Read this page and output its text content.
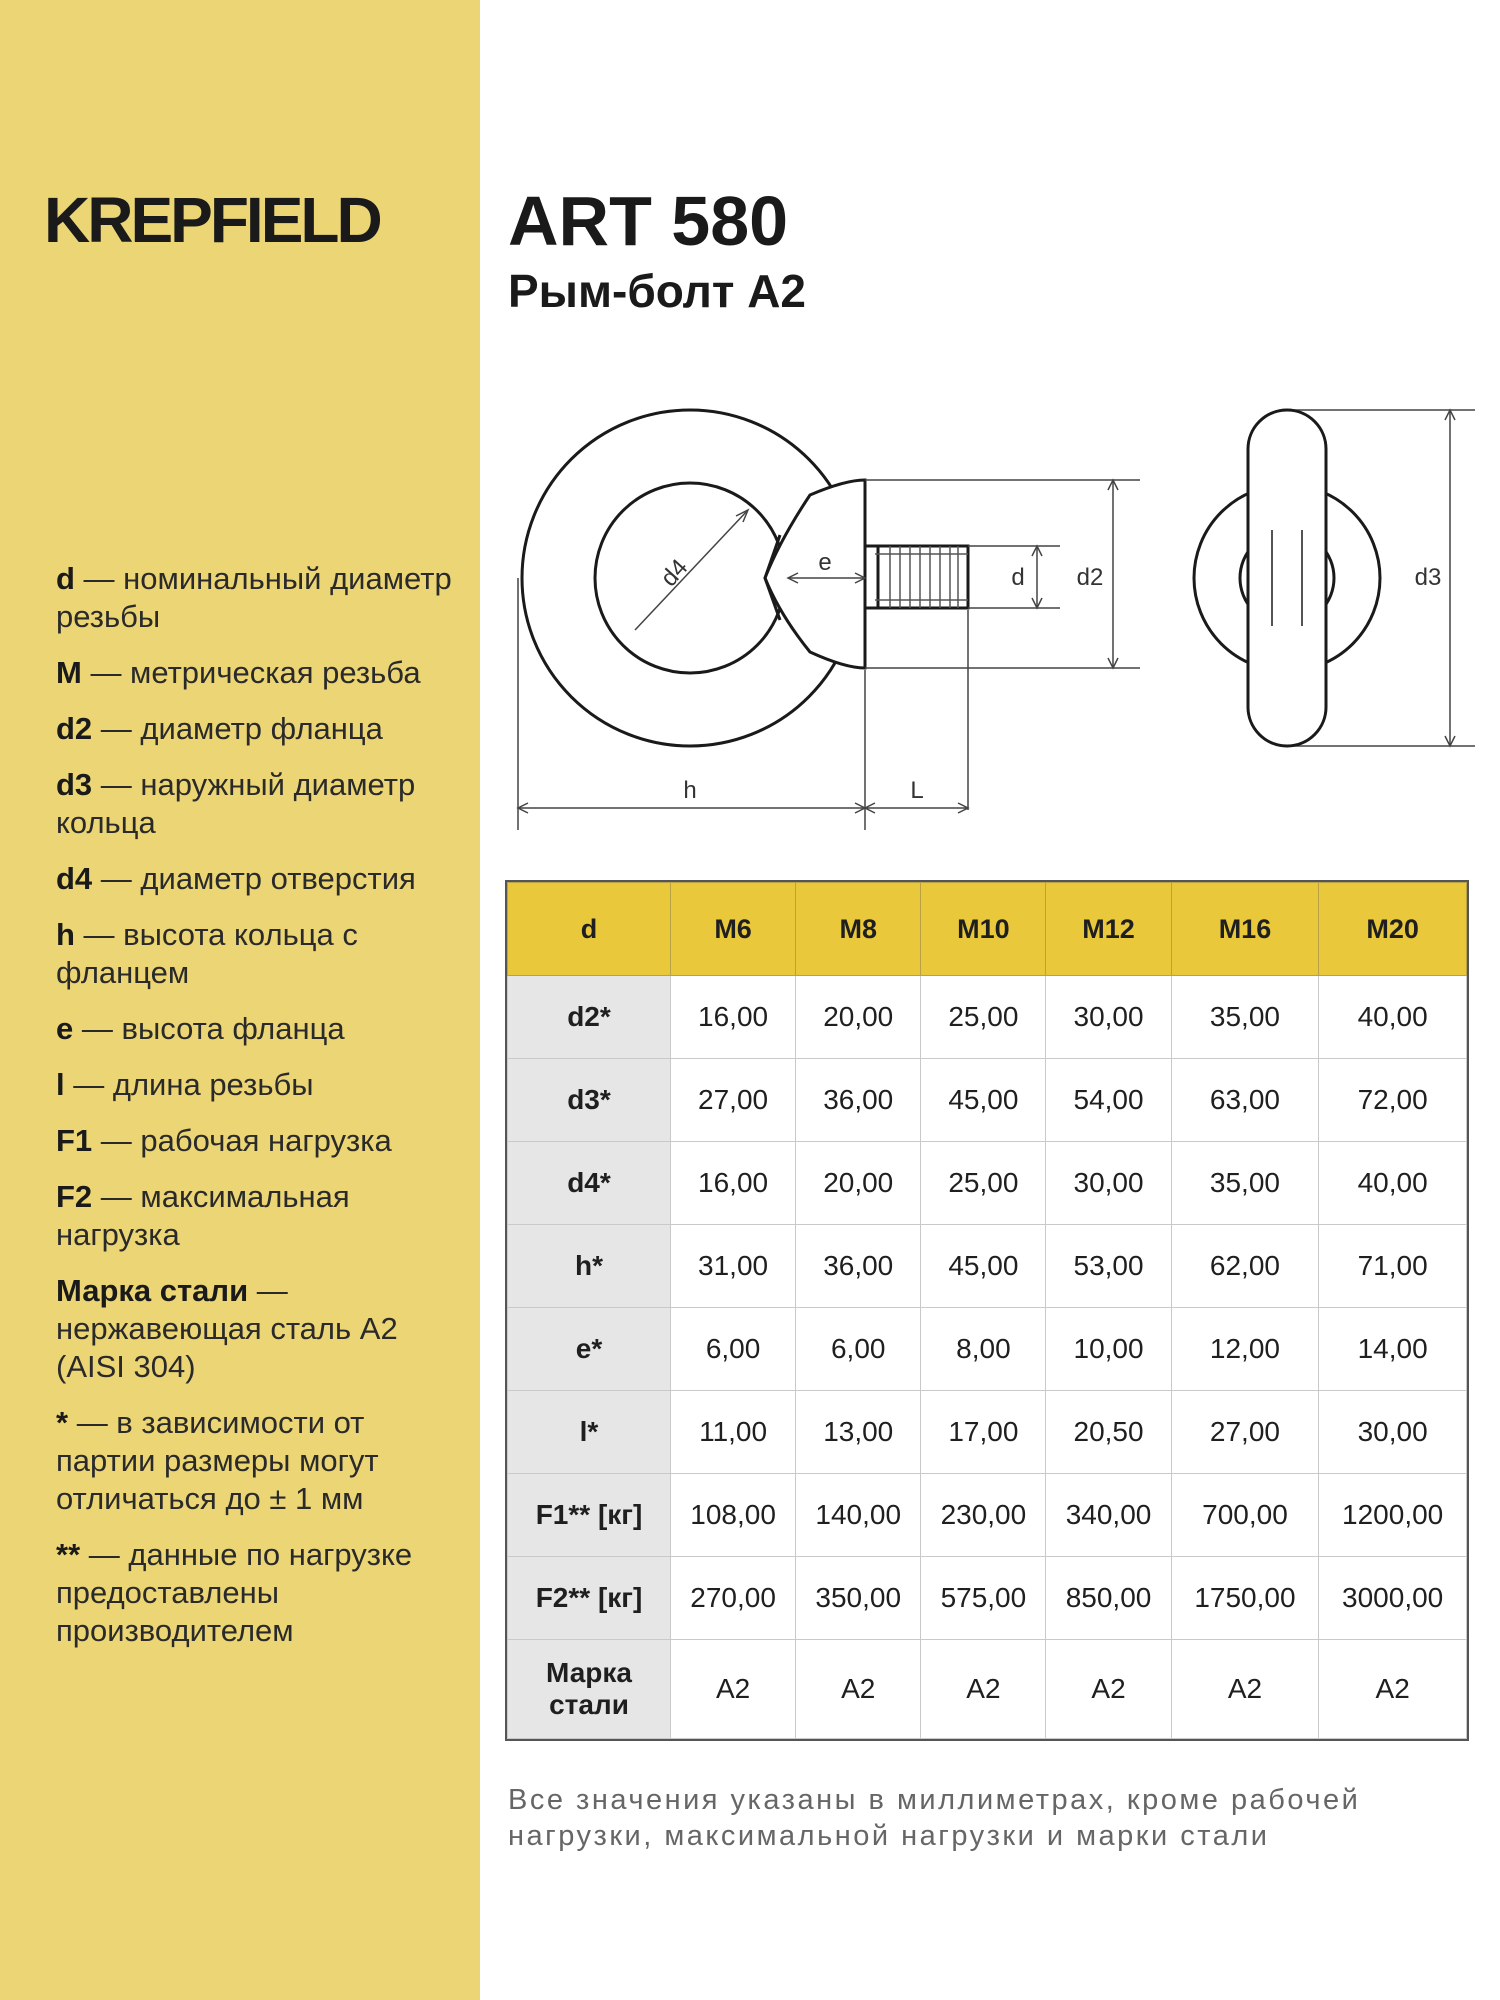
KREPFIELD
d — номинальный диаметр резьбы
M — метрическая резьба
d2 — диаметр фланца
d3 — наружный диаметр кольца
d4 — диаметр отверстия
h — высота кольца с фланцем
e — высота фланца
l — длина резьбы
F1 — рабочая нагрузка
F2 — максимальная нагрузка
Марка стали — нержавеющая сталь А2 (AISI 304)
* — в зависимости от партии размеры могут отличаться до ± 1 мм
** — данные по нагрузке предоставлены производителем
ART 580
Рым-болт А2
d4	e
d d2	d3
h	L
d	M6	M8	M10	M12	M16	M20
d2*	16,00	20,00	25,00	30,00	35,00	40,00
d3*	27,00	36,00	45,00	54,00	63,00	72,00
d4*	16,00	20,00	25,00	30,00	35,00	40,00
h*	31,00	36,00	45,00	53,00	62,00	71,00
e*	6,00	6,00	8,00	10,00	12,00	14,00
l*	11,00	13,00	17,00	20,50	27,00	30,00
F1** [кг]	108,00	140,00	230,00	340,00	700,00	1200,00
F2** [кг]	270,00	350,00	575,00	850,00	1750,00	3000,00
Марка стали	A2	A2	A2	A2	A2	A2
Все значения указаны в миллиметрах, кроме рабочей нагрузки, максимальной нагрузки и марки стали
